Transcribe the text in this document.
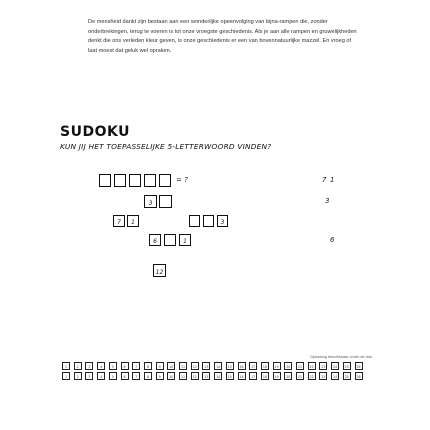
De mensheid dankt zijn bestaan aan een wonderlijke opeenvolging van bijna-rampen die, zonder onderbrekingen, terug te voeren is tot onze vroegste geschiedenis. Als je aan alle rampen en gruwelijkheden denkt die ons verleden kleur geven, is onze geschiedenis er een van bovennatuurlijke mazzel. En vroeg of laat moest dat geluk wel opraken.
SUDOKU
KUN JIJ HET TOEPASSELIJKE 5-LETTERWOORD VINDEN?
= ?	7 1
3	3
7	1	3
6	1	6
12
Oplossing beschikbaar onder de foto
1	2	3	4	5	6	7	8	9	10	11	12	13	14	15	16	17	18	19	20	21	22	23	24	25	26
1	2	3	4	5	6	7	8	9	10	11	12	13	14	15	16	17	18	19	20	21	22	23	24	25	26
